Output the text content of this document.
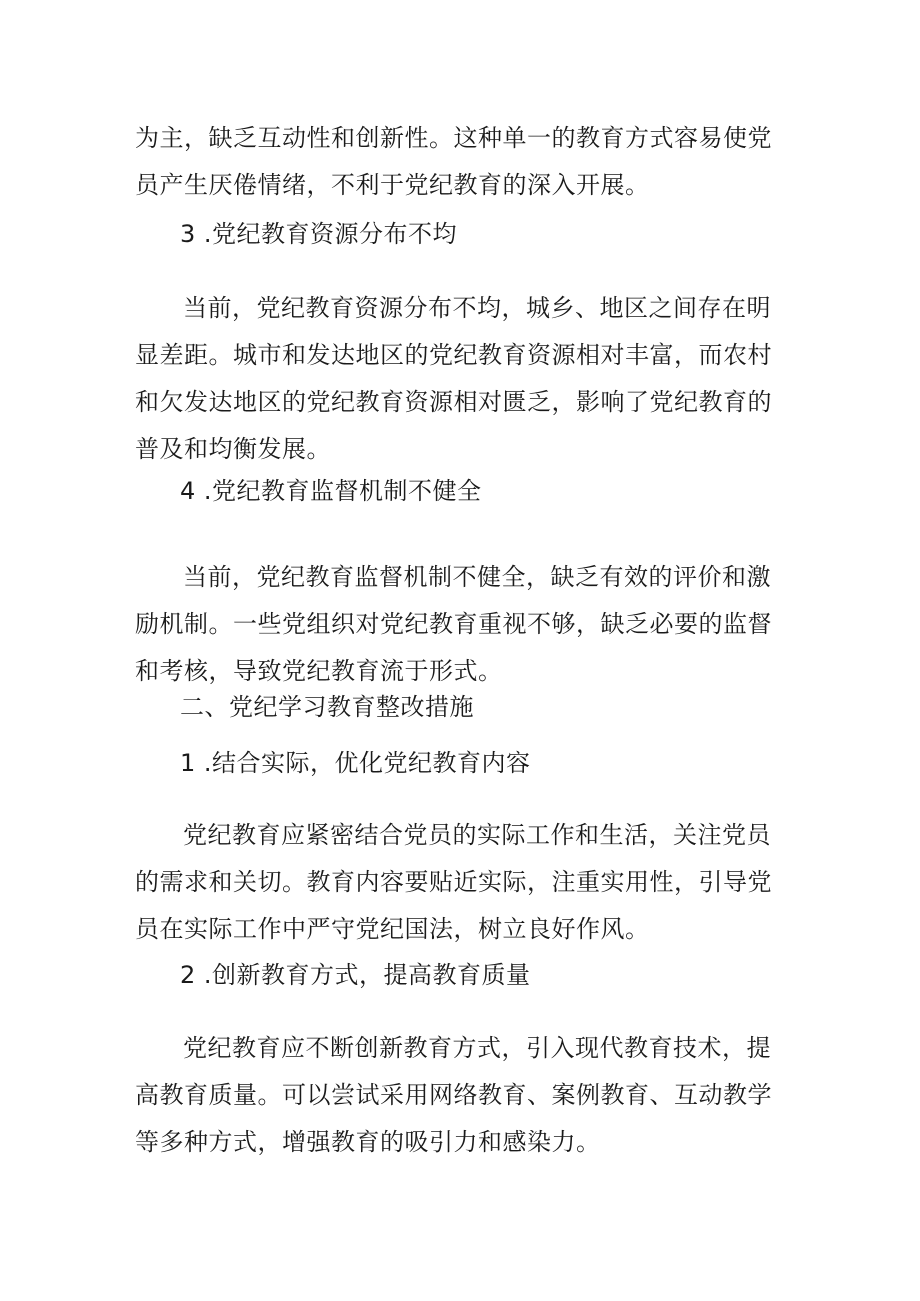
为主，缺乏互动性和创新性。这种单一的教育方式容易使党员产生厌倦情绪，不利于党纪教育的深入开展。

3 .党纪教育资源分布不均

当前，党纪教育资源分布不均，城乡、地区之间存在明显差距。城市和发达地区的党纪教育资源相对丰富，而农村和欠发达地区的党纪教育资源相对匮乏，影响了党纪教育的普及和均衡发展。

4 .党纪教育监督机制不健全

当前，党纪教育监督机制不健全，缺乏有效的评价和激励机制。一些党组织对党纪教育重视不够，缺乏必要的监督和考核，导致党纪教育流于形式。

二、党纪学习教育整改措施

1 .结合实际，优化党纪教育内容

党纪教育应紧密结合党员的实际工作和生活，关注党员的需求和关切。教育内容要贴近实际，注重实用性，引导党员在实际工作中严守党纪国法，树立良好作风。

2 .创新教育方式，提高教育质量

党纪教育应不断创新教育方式，引入现代教育技术，提高教育质量。可以尝试采用网络教育、案例教育、互动教学等多种方式，增强教育的吸引力和感染力。
